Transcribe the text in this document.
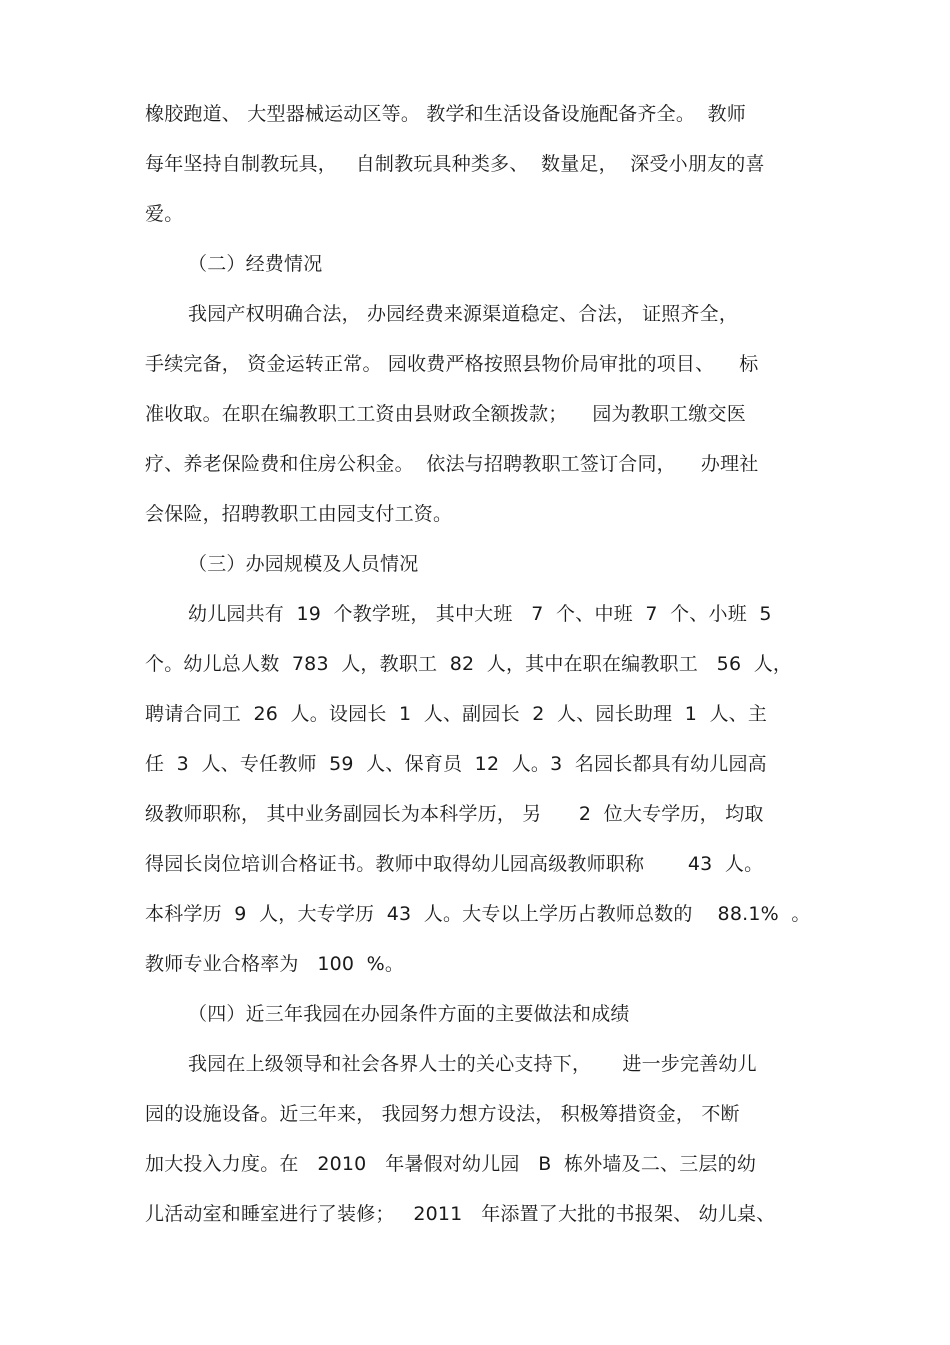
橡胶跑道、 大型器械运动区等。 教学和生活设备设施配备齐全。  教师
每年坚持自制教玩具，   自制教玩具种类多、  数量足，  深受小朋友的喜
爱。
（二）经费情况
我园产权明确合法， 办园经费来源渠道稳定、合法， 证照齐全，
手续完备， 资金运转正常。 园收费严格按照县物价局审批的项目、    标
准收取。在职在编教职工工资由县财政全额拨款；    园为教职工缴交医
疗、养老保险费和住房公积金。  依法与招聘教职工签订合同，    办理社
会保险，招聘教职工由园支付工资。
（三）办园规模及人员情况
幼儿园共有  19  个教学班， 其中大班   7  个、中班  7  个、小班  5
个。幼儿总人数  783  人，教职工  82  人，其中在职在编教职工   56  人，
聘请合同工  26  人。设园长  1  人、副园长  2  人、园长助理  1  人、主
任  3  人、专任教师  59  人、保育员  12  人。3  名园长都具有幼儿园高
级教师职称， 其中业务副园长为本科学历， 另      2  位大专学历， 均取
得园长岗位培训合格证书。教师中取得幼儿园高级教师职称       43  人。
本科学历  9  人，大专学历  43  人。大专以上学历占教师总数的    88.1%  。
教师专业合格率为   100  %。
（四）近三年我园在办园条件方面的主要做法和成绩
我园在上级领导和社会各界人士的关心支持下，     进一步完善幼儿
园的设施设备。近三年来， 我园努力想方设法， 积极筹措资金， 不断
加大投入力度。在   2010   年暑假对幼儿园   B  栋外墙及二、三层的幼
儿活动室和睡室进行了装修；   2011   年添置了大批的书报架、 幼儿桌、
